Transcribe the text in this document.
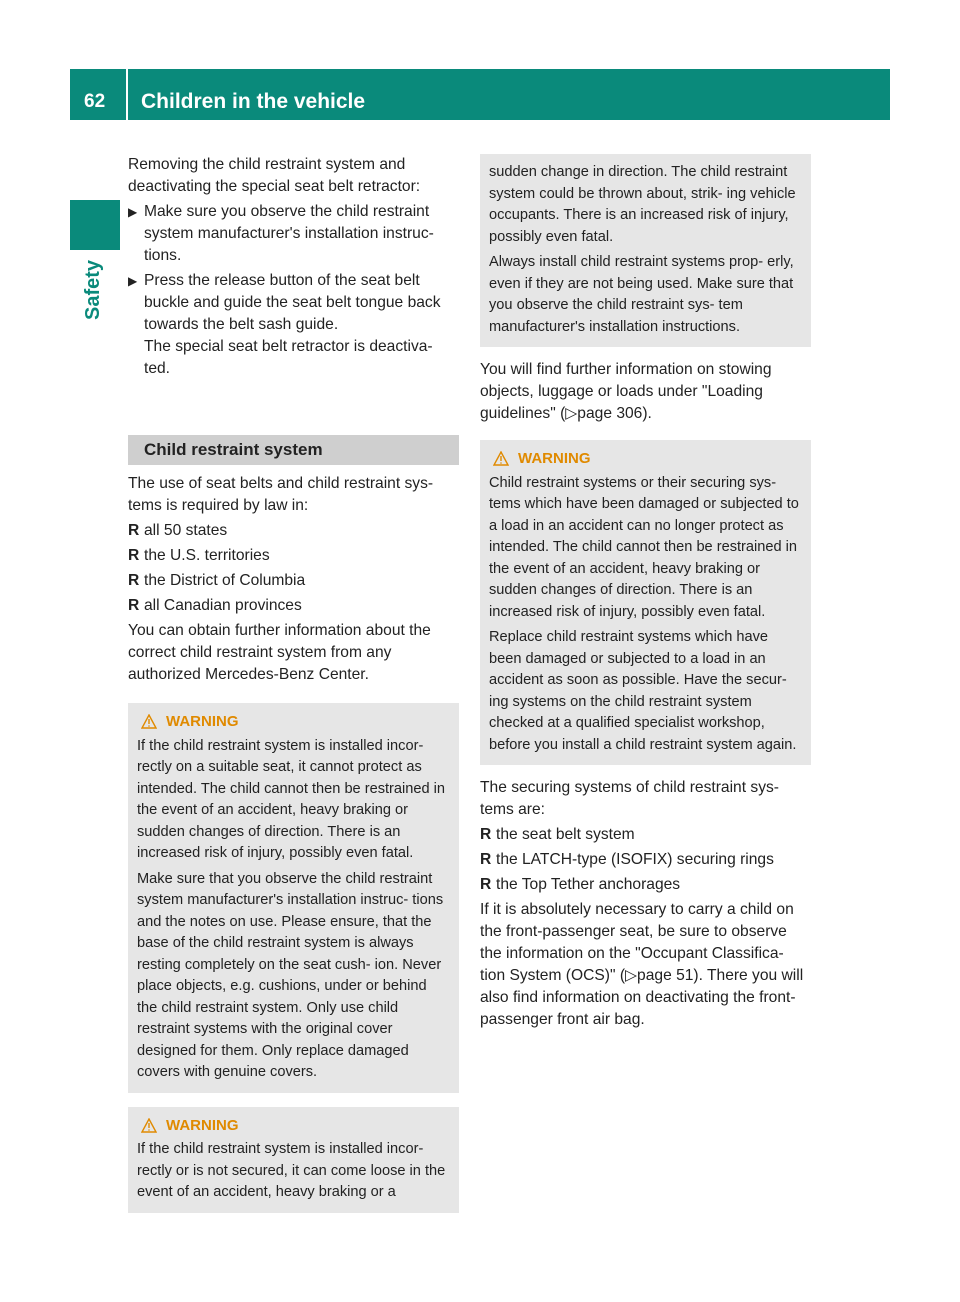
62 Children in the vehicle
Safety

Removing the child restraint system and deactivating the special seat belt retractor:

▶ Make sure you observe the child restraint system manufacturer's installation instruc- tions.
▶ Press the release button of the seat belt buckle and guide the seat belt tongue back towards the belt sash guide.
The special seat belt retractor is deactiva- ted.
Child restraint system

The use of seat belts and child restraint sys- tems is required by law in:

R all 50 states
R the U.S. territories
R the District of Columbia
R all Canadian provinces

You can obtain further information about the correct child restraint system from any authorized Mercedes-Benz Center.

WARNING

If the child restraint system is installed incor- rectly on a suitable seat, it cannot protect as intended. The child cannot then be restrained in the event of an accident, heavy braking or sudden changes of direction. There is an increased risk of injury, possibly even fatal.

Make sure that you observe the child restraint system manufacturer's installation instruc- tions and the notes on use. Please ensure, that the base of the child restraint system is always resting completely on the seat cush- ion. Never place objects, e.g. cushions, under or behind the child restraint system. Only use child restraint systems with the original cover designed for them. Only replace damaged covers with genuine covers.

WARNING

If the child restraint system is installed incor- rectly or is not secured, it can come loose in the event of an accident, heavy braking or a

sudden change in direction. The child restraint system could be thrown about, strik- ing vehicle occupants. There is an increased risk of injury, possibly even fatal.

Always install child restraint systems prop- erly, even if they are not being used. Make sure that you observe the child restraint sys- tem manufacturer's installation instructions.

You will find further information on stowing objects, luggage or loads under "Loading guidelines" (▷page 306).

WARNING

Child restraint systems or their securing sys- tems which have been damaged or subjected to a load in an accident can no longer protect as intended. The child cannot then be restrained in the event of an accident, heavy braking or sudden changes of direction. There is an increased risk of injury, possibly even fatal.

Replace child restraint systems which have been damaged or subjected to a load in an accident as soon as possible. Have the secur- ing systems on the child restraint system checked at a qualified specialist workshop, before you install a child restraint system again.

The securing systems of child restraint sys- tems are:

R the seat belt system
R the LATCH-type (ISOFIX) securing rings
R the Top Tether anchorages

If it is absolutely necessary to carry a child on the front-passenger seat, be sure to observe the information on the "Occupant Classifica- tion System (OCS)" (▷page 51). There you will also find information on deactivating the front-passenger front air bag.
